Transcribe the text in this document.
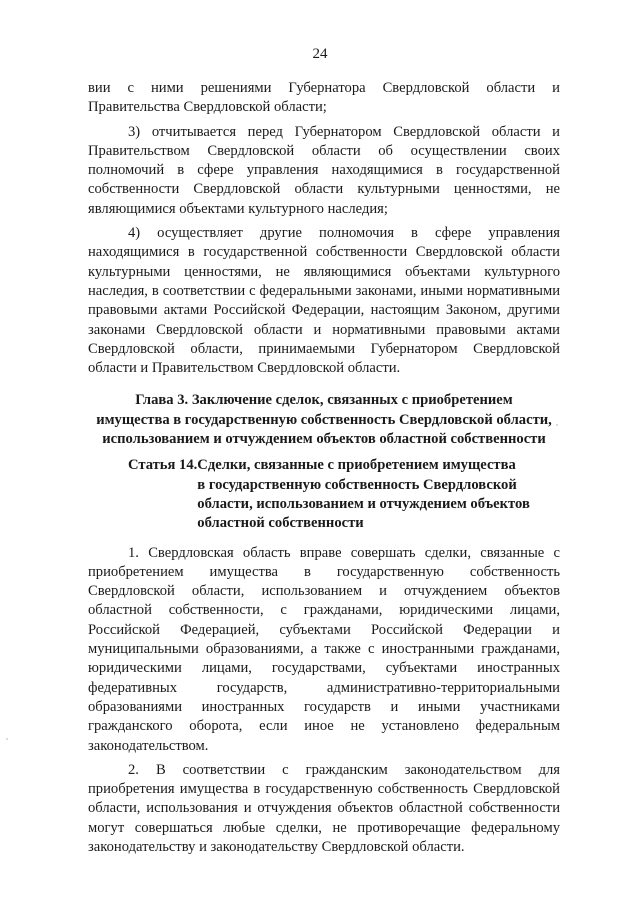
24

вии с ними решениями Губернатора Свердловской области и Правительства Свердловской области;

3) отчитывается перед Губернатором Свердловской области и Правительством Свердловской области об осуществлении своих полномочий в сфере управления находящимися в государственной собственности Свердловской области культурными ценностями, не являющимися объектами культурного наследия;

4) осуществляет другие полномочия в сфере управления находящимися в государственной собственности Свердловской области культурными ценностями, не являющимися объектами культурного наследия, в соответствии с федеральными законами, иными нормативными правовыми актами Российской Федерации, настоящим Законом, другими законами Свердловской области и нормативными правовыми актами Свердловской области, принимаемыми Губернатором Свердловской области и Правительством Свердловской области.

Глава 3. Заключение сделок, связанных с приобретением
имущества в государственную собственность Свердловской области,
использованием и отчуждением объектов областной собственности
Статья 14. Сделки, связанные с приобретением имущества
в государственную собственность Свердловской
области, использованием и отчуждением объектов
областной собственности

1. Свердловская область вправе совершать сделки, связанные с приобретением имущества в государственную собственность Свердловской области, использованием и отчуждением объектов областной собственности, с гражданами, юридическими лицами, Российской Федерацией, субъектами Российской Федерации и муниципальными образованиями, а также с иностранными гражданами, юридическими лицами, государствами, субъектами иностранных федеративных государств, административно-территориальными образованиями иностранных государств и иными участниками гражданского оборота, если иное не установлено федеральным законодательством.

2. В соответствии с гражданским законодательством для приобретения имущества в государственную собственность Свердловской области, использования и отчуждения объектов областной собственности могут совершаться любые сделки, не противоречащие федеральному законодательству и законодательству Свердловской области.
